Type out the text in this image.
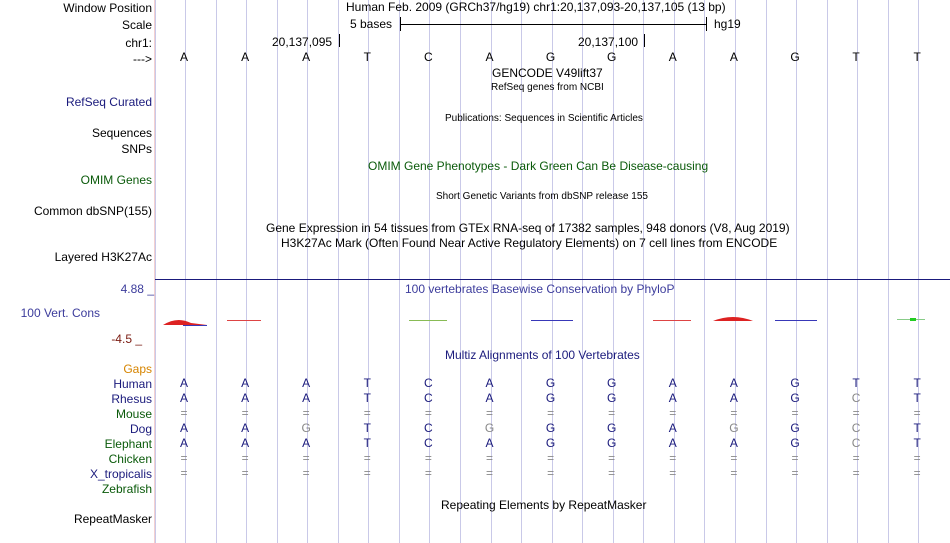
Window Position	Human Feb. 2009 (GRCh37/hg19) chr1:20,137,093-20,137,105 (13 bp)
Scale	5 bases	hg19
chr1:	20,137,095	20,137,100
--->	A	A	A	T	C	A	G	G	A	A	G	T	T
GENCODE V49lift37
RefSeq genes from NCBI
RefSeq Curated
Publications: Sequences in Scientific Articles
Sequences
SNPs
OMIM Gene Phenotypes - Dark Green Can Be Disease-causing
OMIM Genes
Short Genetic Variants from dbSNP release 155
Common dbSNP(155)
Gene Expression in 54 tissues from GTEx RNA-seq of 17382 samples, 948 donors (V8, Aug 2019)
H3K27Ac Mark (Often Found Near Active Regulatory Elements) on 7 cell lines from ENCODE
Layered H3K27Ac
4.88 _	100 vertebrates Basewise Conservation by PhyloP
100 Vert. Cons
-4.5 _
Multiz Alignments of 100 Vertebrates
Gaps
Human	A	A	A	T	C	A	G	G	A	A	G	T	T
Rhesus	A	A	A	T	C	A	G	G	A	A	G	C	T
Mouse	=	=	=	=	=	=	=	=	=	=	=	=	=
Dog	A	A	G	T	C	G	G	G	A	G	G	C	T
Elephant	A	A	A	T	C	A	G	G	A	A	G	C	T
Chicken	=	=	=	=	=	=	=	=	=	=	=	=	=
X_tropicalis	=	=	=	=	=	=	=	=	=	=	=	=	=
Zebrafish
Repeating Elements by RepeatMasker
RepeatMasker
